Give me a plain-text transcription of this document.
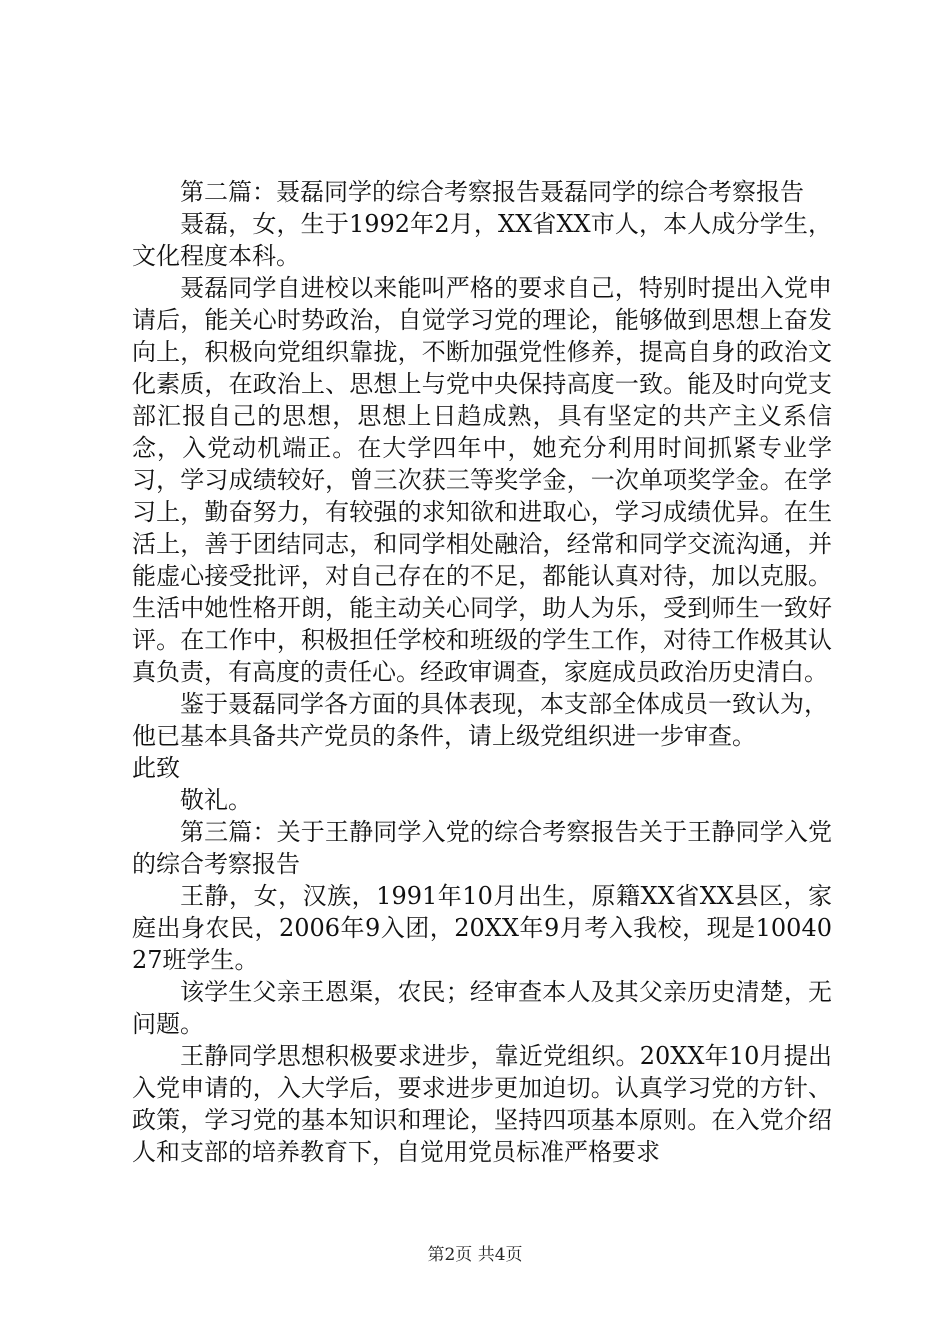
第二篇：聂磊同学的综合考察报告聂磊同学的综合考察报告

聂磊，女，生于1992年2月，XX省XX市人，本人成分学生，文化程度本科。

聂磊同学自进校以来能叫严格的要求自己，特别时提出入党申请后，能关心时势政治，自觉学习党的理论，能够做到思想上奋发向上，积极向党组织靠拢，不断加强党性修养，提高自身的政治文化素质，在政治上、思想上与党中央保持高度一致。能及时向党支部汇报自己的思想，思想上日趋成熟，具有坚定的共产主义系信念，入党动机端正。在大学四年中，她充分利用时间抓紧专业学习，学习成绩较好，曾三次获三等奖学金，一次单项奖学金。在学习上，勤奋努力，有较强的求知欲和进取心，学习成绩优异。在生活上，善于团结同志，和同学相处融洽，经常和同学交流沟通，并能虚心接受批评，对自己存在的不足，都能认真对待，加以克服。生活中她性格开朗，能主动关心同学，助人为乐，受到师生一致好评。在工作中，积极担任学校和班级的学生工作，对待工作极其认真负责，有高度的责任心。经政审调查，家庭成员政治历史清白。

鉴于聂磊同学各方面的具体表现，本支部全体成员一致认为，他已基本具备共产党员的条件，请上级党组织进一步审查。

此致

敬礼。

第三篇：关于王静同学入党的综合考察报告关于王静同学入党的综合考察报告

王静，女，汉族，1991年10月出生，原籍XX省XX县区，家庭出身农民，2006年9入团，20XX年9月考入我校，现是1004027班学生。

该学生父亲王恩渠，农民；经审查本人及其父亲历史清楚，无问题。

王静同学思想积极要求进步，靠近党组织。20XX年10月提出入党申请的，入大学后，要求进步更加迫切。认真学习党的方针、政策，学习党的基本知识和理论，坚持四项基本原则。在入党介绍人和支部的培养教育下，自觉用党员标准严格要求

第2页 共4页
